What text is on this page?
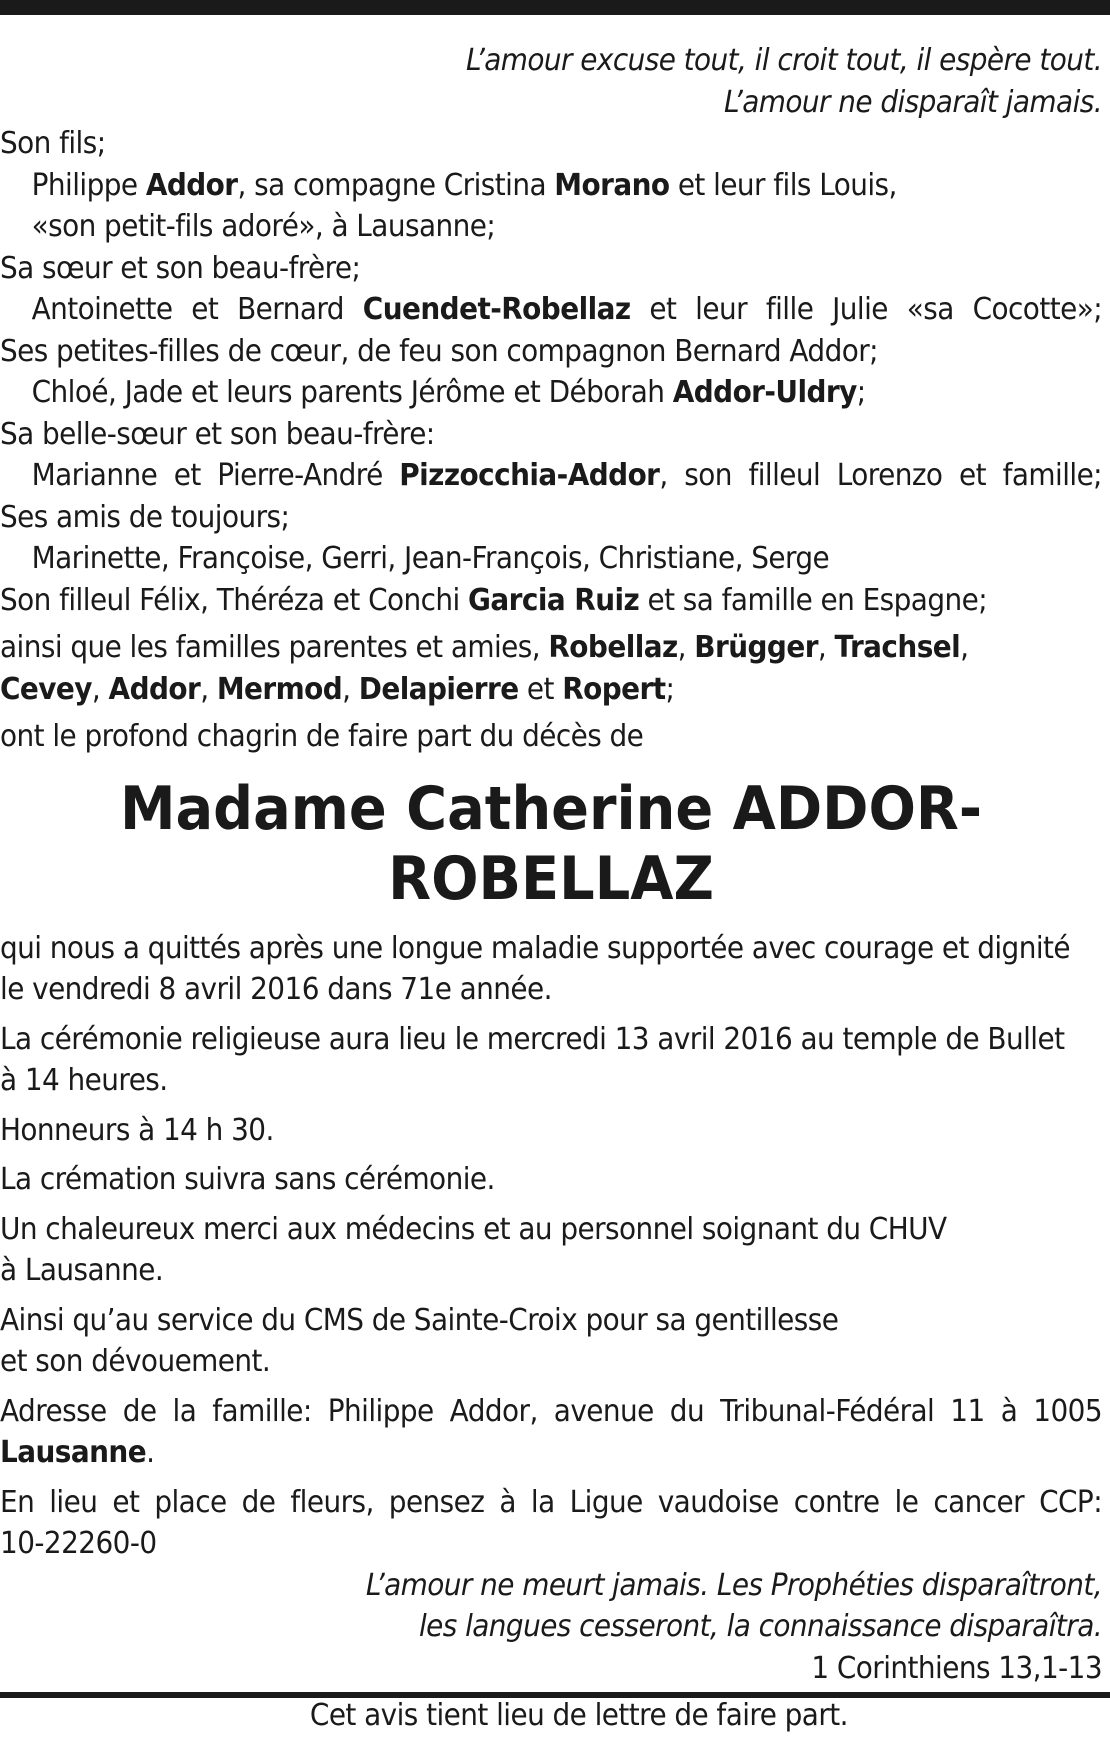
L’amour excuse tout, il croit tout, il espère tout.

L’amour ne disparaît jamais.

Son fils;

Philippe Addor, sa compagne Cristina Morano et leur fils Louis,

«son petit-fils adoré», à Lausanne;

Sa sœur et son beau-frère;

Antoinette et Bernard Cuendet-Robellaz et leur fille Julie «sa Cocotte»;

Ses petites-filles de cœur, de feu son compagnon Bernard Addor;

Chloé, Jade et leurs parents Jérôme et Déborah Addor-Uldry;

Sa belle-sœur et son beau-frère:

Marianne et Pierre-André Pizzocchia-Addor, son filleul Lorenzo et famille;

Ses amis de toujours;

Marinette, Françoise, Gerri, Jean-François, Christiane, Serge

Son filleul Félix, Théréza et Conchi Garcia Ruiz et sa famille en Espagne;

ainsi que les familles parentes et amies, Robellaz, Brügger, Trachsel,

Cevey, Addor, Mermod, Delapierre et Ropert;

ont le profond chagrin de faire part du décès de

Madame Catherine ADDOR-ROBELLAZ

qui nous a quittés après une longue maladie supportée avec courage et dignité

le vendredi 8 avril 2016 dans 71e année.

La cérémonie religieuse aura lieu le mercredi 13 avril 2016 au temple de Bullet

à 14 heures.

Honneurs à 14 h 30.

La crémation suivra sans cérémonie.

Un chaleureux merci aux médecins et au personnel soignant du CHUV

à Lausanne.

Ainsi qu’au service du CMS de Sainte-Croix pour sa gentillesse

et son dévouement.

Adresse de la famille: Philippe Addor, avenue du Tribunal-Fédéral 11 à 1005

Lausanne.

En lieu et place de fleurs, pensez à la Ligue vaudoise contre le cancer CCP:

10-22260-0

L’amour ne meurt jamais. Les Prophéties disparaîtront,

les langues cesseront, la connaissance disparaîtra.

1 Corinthiens 13,1-13

Cet avis tient lieu de lettre de faire part.
